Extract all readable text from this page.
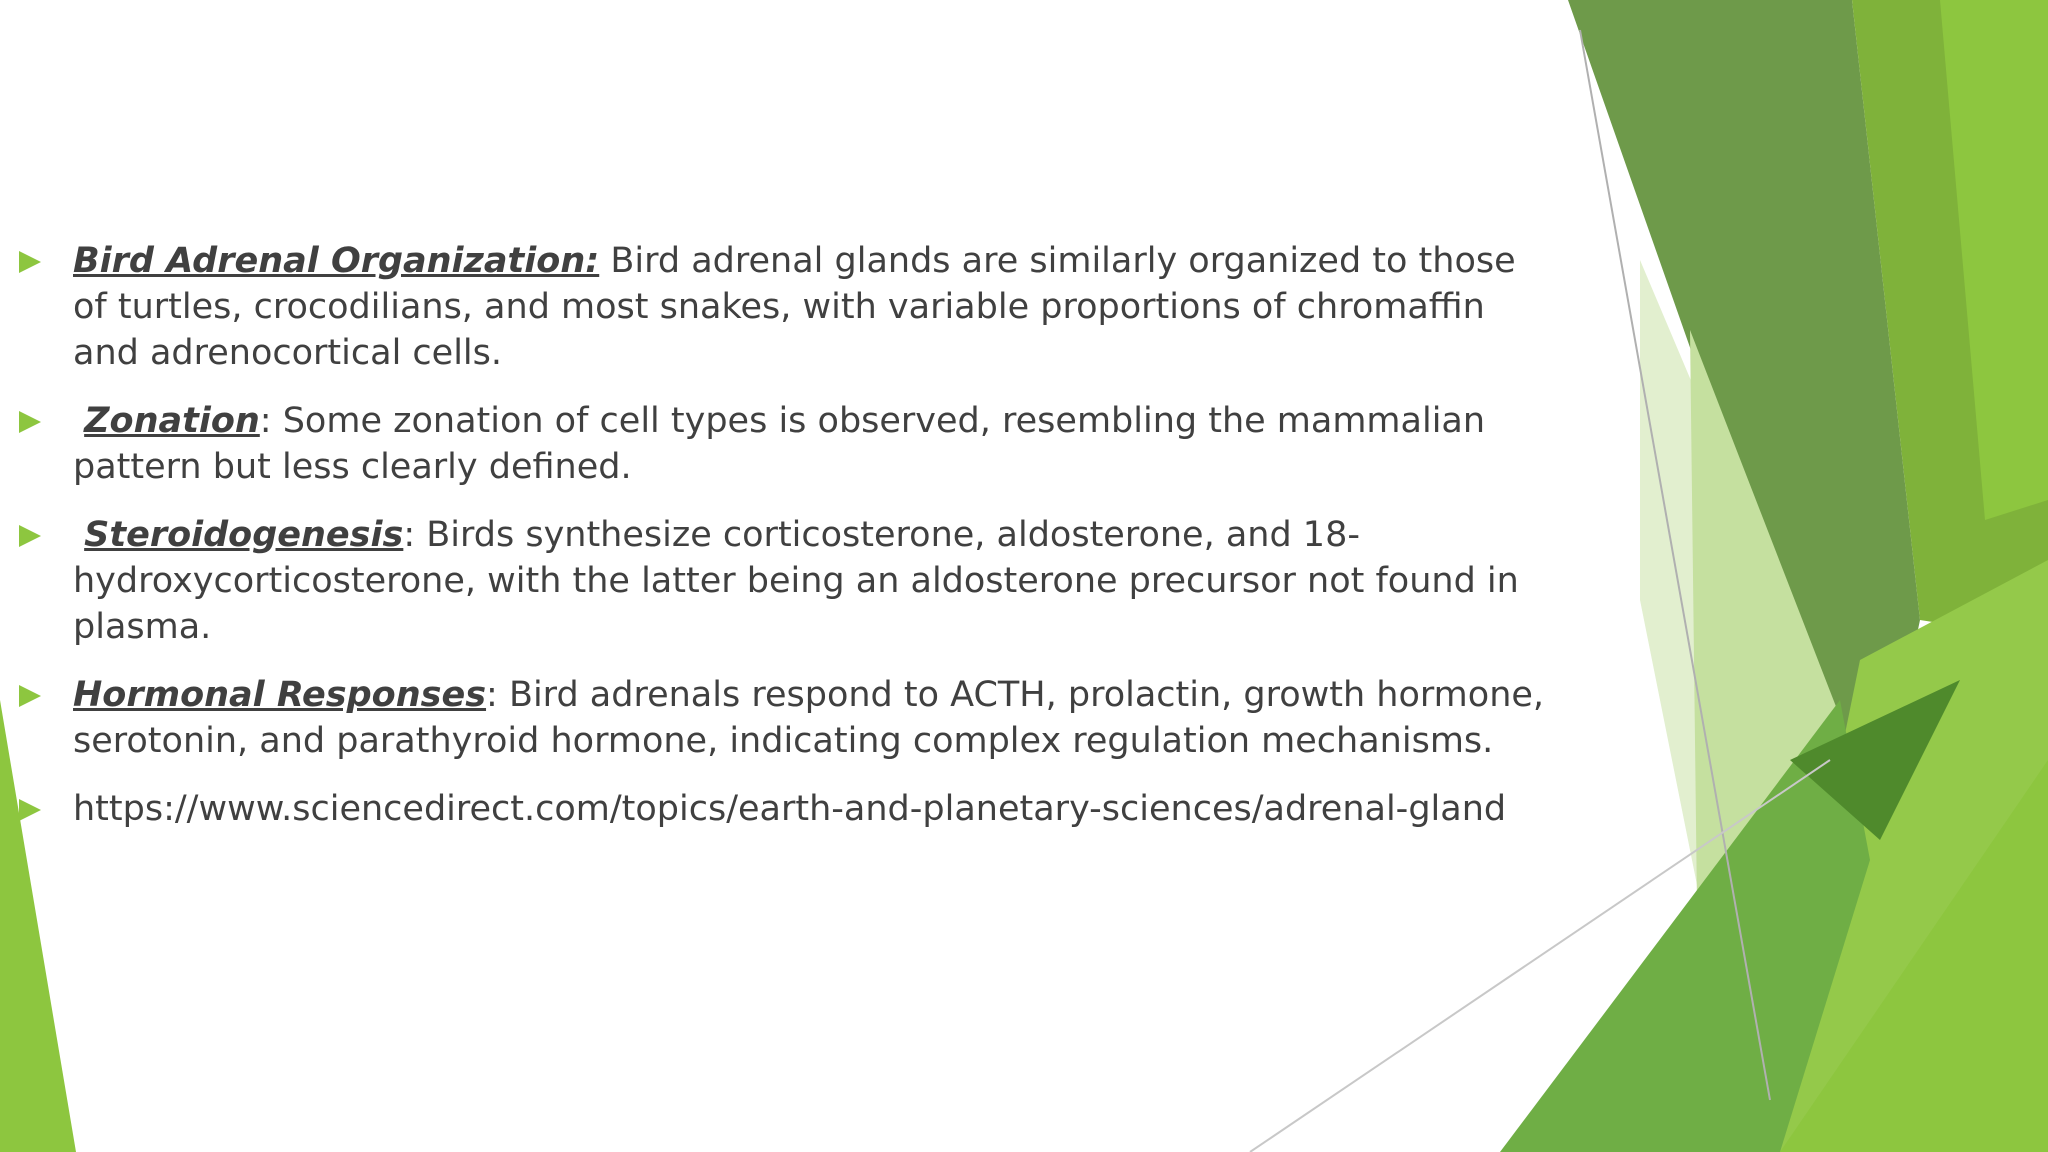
Bird Adrenal Organization: Bird adrenal glands are similarly organized to those of turtles, crocodilians, and most snakes, with variable proportions of chromaffin and adrenocortical cells.
Zonation: Some zonation of cell types is observed, resembling the mammalian pattern but less clearly defined.
Steroidogenesis: Birds synthesize corticosterone, aldosterone, and 18-hydroxycorticosterone, with the latter being an aldosterone precursor not found in plasma.
Hormonal Responses: Bird adrenals respond to ACTH, prolactin, growth hormone, serotonin, and parathyroid hormone, indicating complex regulation mechanisms.
https://www.sciencedirect.com/topics/earth-and-planetary-sciences/adrenal-gland
